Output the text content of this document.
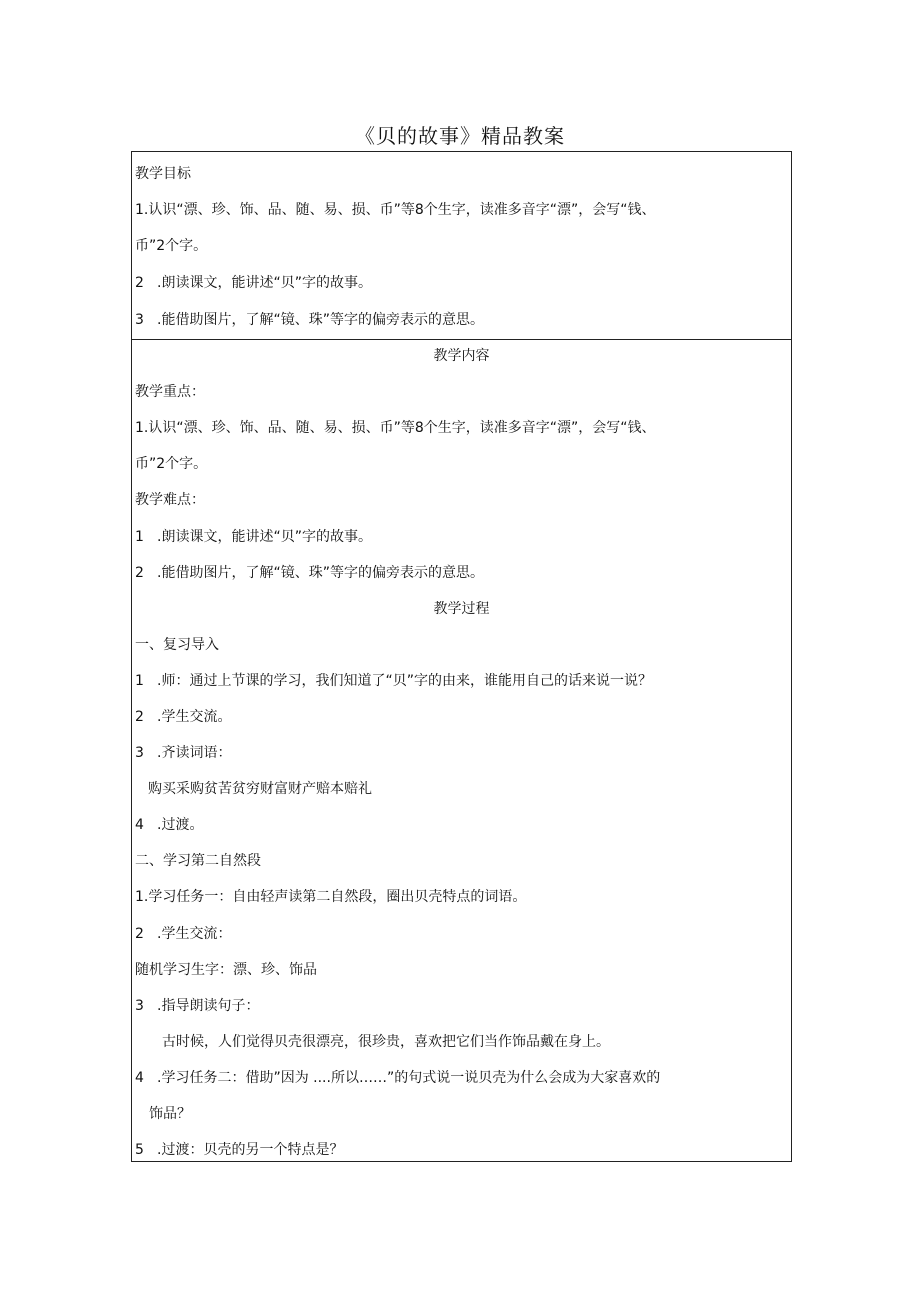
《贝的故事》精品教案
教学目标
1.认识“漂、珍、饰、品、随、易、损、币”等8个生字，读准多音字“漂”，会写“钱、
币”2个字。
2 .朗读课文，能讲述“贝”字的故事。
3 .能借助图片，了解“镜、珠”等字的偏旁表示的意思。
教学内容
教学重点：
1.认识“漂、珍、饰、品、随、易、损、币”等8个生字，读准多音字“漂”，会写“钱、
币”2个字。
教学难点：
1 .朗读课文，能讲述“贝”字的故事。
2 .能借助图片，了解“镜、珠”等字的偏旁表示的意思。
教学过程
一、复习导入
1 .师：通过上节课的学习，我们知道了“贝”字的由来，谁能用自己的话来说一说？
2 .学生交流。
3 .齐读词语：
购买采购贫苦贫穷财富财产赔本赔礼
4 .过渡。
二、学习第二自然段
1.学习任务一：自由轻声读第二自然段，圈出贝壳特点的词语。
2 .学生交流：
随机学习生字：漂、珍、饰品
3 .指导朗读句子：
古时候，人们觉得贝壳很漂亮，很珍贵，喜欢把它们当作饰品戴在身上。
4 .学习任务二：借助”因为 ....所以……”的句式说一说贝壳为什么会成为大家喜欢的
饰品？
5 .过渡：贝壳的另一个特点是？
